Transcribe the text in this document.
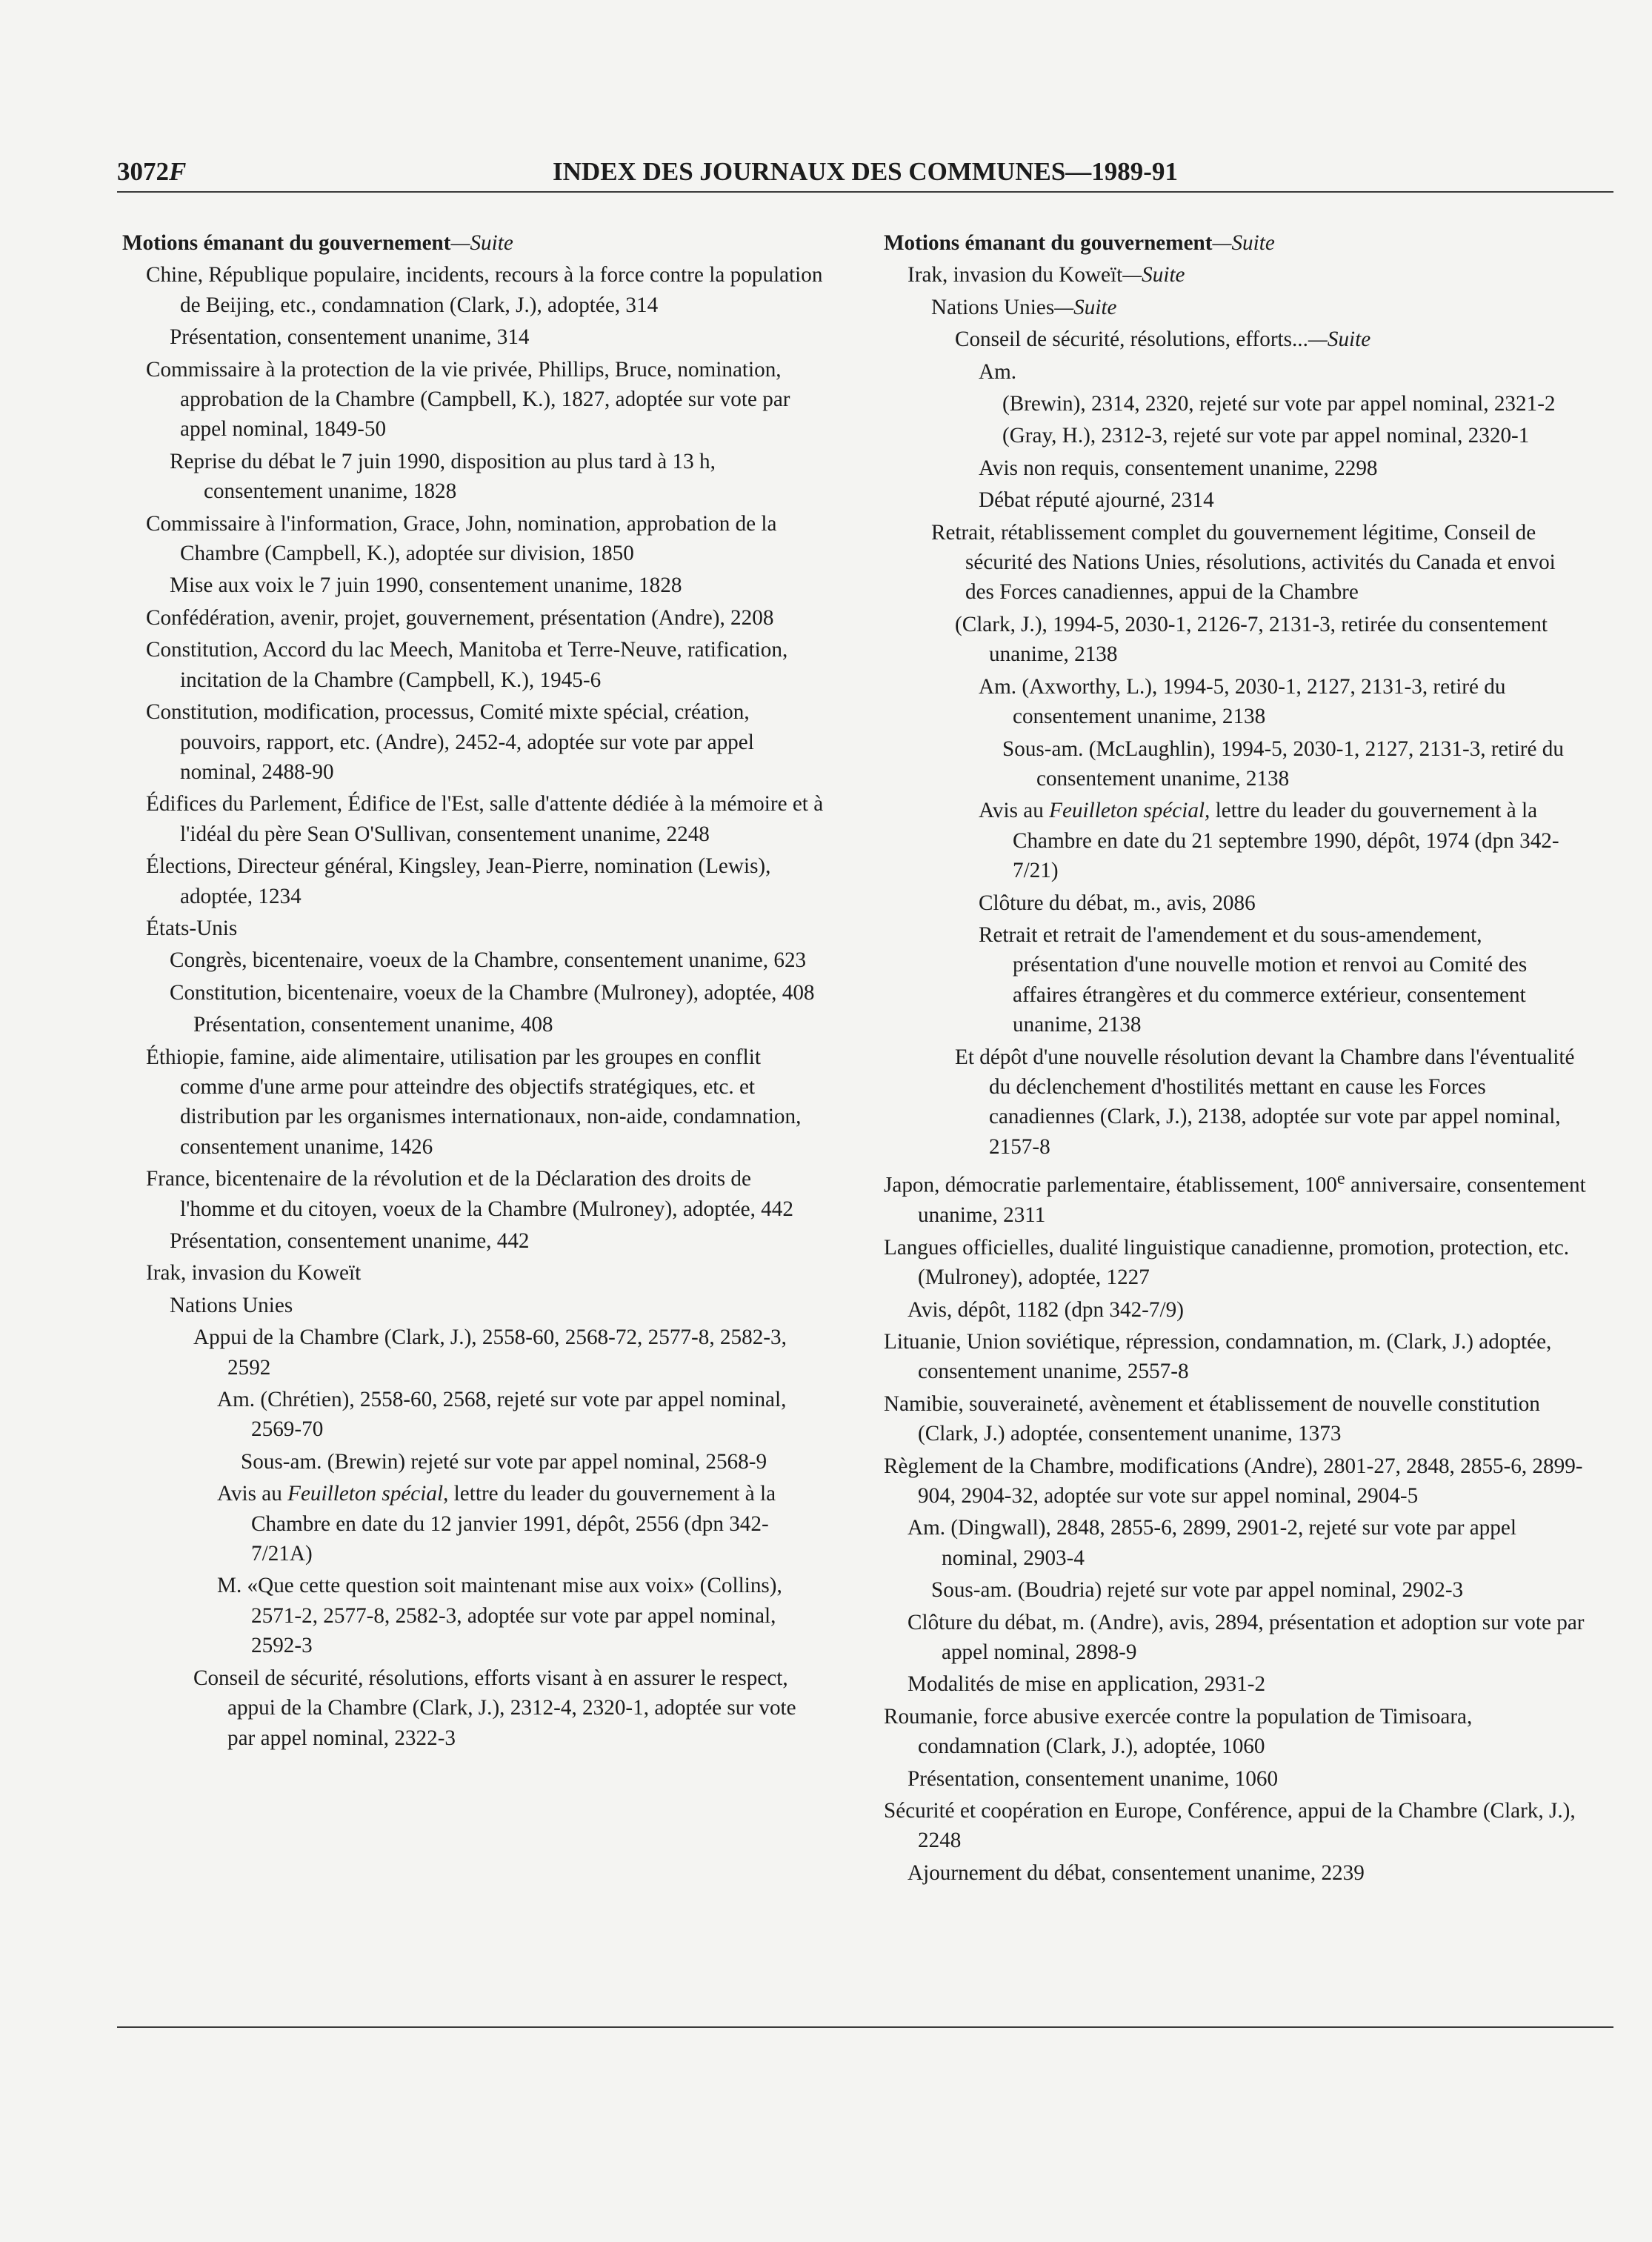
3072F	INDEX DES JOURNAUX DES COMMUNES—1989-91
Motions émanant du gouvernement—Suite
Chine, République populaire, incidents, recours à la force contre la population de Beijing, etc., condamnation (Clark, J.), adoptée, 314
Présentation, consentement unanime, 314
Commissaire à la protection de la vie privée, Phillips, Bruce, nomination, approbation de la Chambre (Campbell, K.), 1827, adoptée sur vote par appel nominal, 1849-50
Reprise du débat le 7 juin 1990, disposition au plus tard à 13 h, consentement unanime, 1828
Commissaire à l'information, Grace, John, nomination, approbation de la Chambre (Campbell, K.), adoptée sur division, 1850
Mise aux voix le 7 juin 1990, consentement unanime, 1828
Confédération, avenir, projet, gouvernement, présentation (Andre), 2208
Constitution, Accord du lac Meech, Manitoba et Terre-Neuve, ratification, incitation de la Chambre (Campbell, K.), 1945-6
Constitution, modification, processus, Comité mixte spécial, création, pouvoirs, rapport, etc. (Andre), 2452-4, adoptée sur vote par appel nominal, 2488-90
Édifices du Parlement, Édifice de l'Est, salle d'attente dédiée à la mémoire et à l'idéal du père Sean O'Sullivan, consentement unanime, 2248
Élections, Directeur général, Kingsley, Jean-Pierre, nomination (Lewis), adoptée, 1234
États-Unis
Congrès, bicentenaire, voeux de la Chambre, consentement unanime, 623
Constitution, bicentenaire, voeux de la Chambre (Mulroney), adoptée, 408
Présentation, consentement unanime, 408
Éthiopie, famine, aide alimentaire, utilisation par les groupes en conflit comme d'une arme pour atteindre des objectifs stratégiques, etc. et distribution par les organismes internationaux, non-aide, condamnation, consentement unanime, 1426
France, bicentenaire de la révolution et de la Déclaration des droits de l'homme et du citoyen, voeux de la Chambre (Mulroney), adoptée, 442
Présentation, consentement unanime, 442
Irak, invasion du Koweït
Nations Unies
Appui de la Chambre (Clark, J.), 2558-60, 2568-72, 2577-8, 2582-3, 2592
Am. (Chrétien), 2558-60, 2568, rejeté sur vote par appel nominal, 2569-70
Sous-am. (Brewin) rejeté sur vote par appel nominal, 2568-9
Avis au Feuilleton spécial, lettre du leader du gouvernement à la Chambre en date du 12 janvier 1991, dépôt, 2556 (dpn 342-7/21A)
M. «Que cette question soit maintenant mise aux voix» (Collins), 2571-2, 2577-8, 2582-3, adoptée sur vote par appel nominal, 2592-3
Conseil de sécurité, résolutions, efforts visant à en assurer le respect, appui de la Chambre (Clark, J.), 2312-4, 2320-1, adoptée sur vote par appel nominal, 2322-3
Motions émanant du gouvernement—Suite
Irak, invasion du Koweït—Suite
Nations Unies—Suite
Conseil de sécurité, résolutions, efforts...—Suite
Am.
(Brewin), 2314, 2320, rejeté sur vote par appel nominal, 2321-2
(Gray, H.), 2312-3, rejeté sur vote par appel nominal, 2320-1
Avis non requis, consentement unanime, 2298
Débat réputé ajourné, 2314
Retrait, rétablissement complet du gouvernement légitime, Conseil de sécurité des Nations Unies, résolutions, activités du Canada et envoi des Forces canadiennes, appui de la Chambre
(Clark, J.), 1994-5, 2030-1, 2126-7, 2131-3, retirée du consentement unanime, 2138
Am. (Axworthy, L.), 1994-5, 2030-1, 2127, 2131-3, retiré du consentement unanime, 2138
Sous-am. (McLaughlin), 1994-5, 2030-1, 2127, 2131-3, retiré du consentement unanime, 2138
Avis au Feuilleton spécial, lettre du leader du gouvernement à la Chambre en date du 21 septembre 1990, dépôt, 1974 (dpn 342-7/21)
Clôture du débat, m., avis, 2086
Retrait et retrait de l'amendement et du sous-amendement, présentation d'une nouvelle motion et renvoi au Comité des affaires étrangères et du commerce extérieur, consentement unanime, 2138
Et dépôt d'une nouvelle résolution devant la Chambre dans l'éventualité du déclenchement d'hostilités mettant en cause les Forces canadiennes (Clark, J.), 2138, adoptée sur vote par appel nominal, 2157-8
Japon, démocratie parlementaire, établissement, 100e anniversaire, consentement unanime, 2311
Langues officielles, dualité linguistique canadienne, promotion, protection, etc. (Mulroney), adoptée, 1227
Avis, dépôt, 1182 (dpn 342-7/9)
Lituanie, Union soviétique, répression, condamnation, m. (Clark, J.) adoptée, consentement unanime, 2557-8
Namibie, souveraineté, avènement et établissement de nouvelle constitution (Clark, J.) adoptée, consentement unanime, 1373
Règlement de la Chambre, modifications (Andre), 2801-27, 2848, 2855-6, 2899-904, 2904-32, adoptée sur vote sur appel nominal, 2904-5
Am. (Dingwall), 2848, 2855-6, 2899, 2901-2, rejeté sur vote par appel nominal, 2903-4
Sous-am. (Boudria) rejeté sur vote par appel nominal, 2902-3
Clôture du débat, m. (Andre), avis, 2894, présentation et adoption sur vote par appel nominal, 2898-9
Modalités de mise en application, 2931-2
Roumanie, force abusive exercée contre la population de Timisoara, condamnation (Clark, J.), adoptée, 1060
Présentation, consentement unanime, 1060
Sécurité et coopération en Europe, Conférence, appui de la Chambre (Clark, J.), 2248
Ajournement du débat, consentement unanime, 2239
